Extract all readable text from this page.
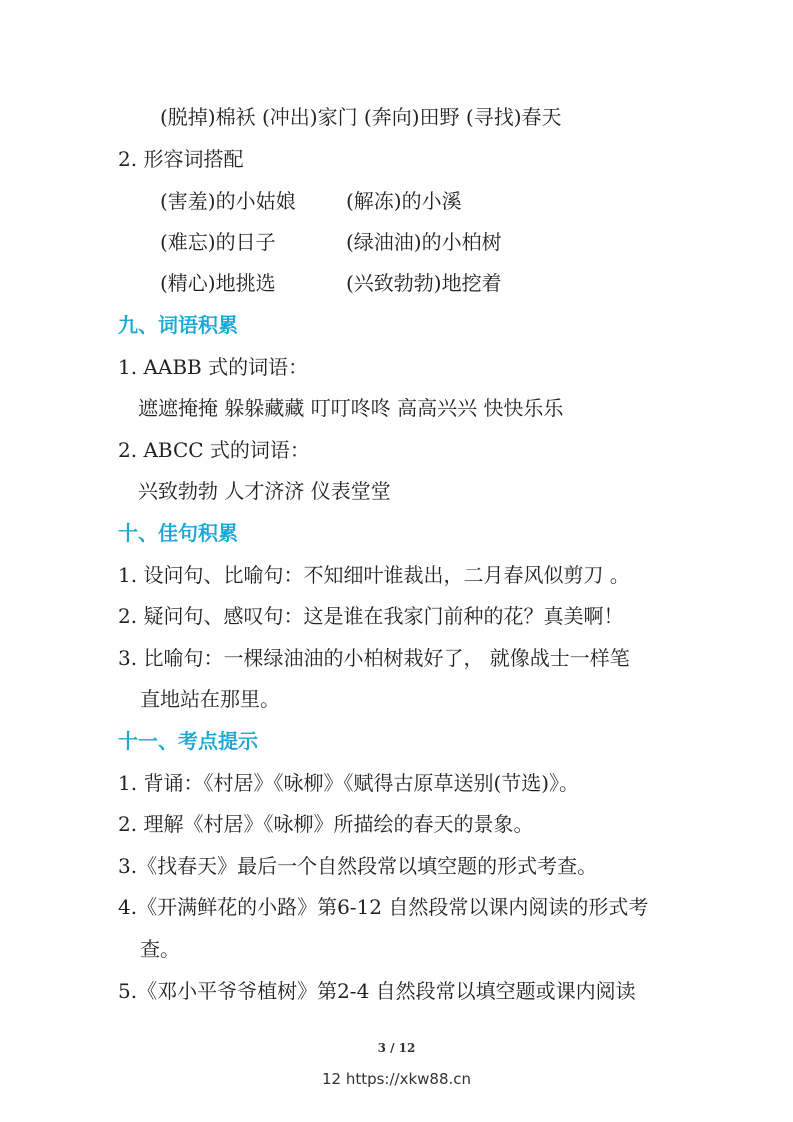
(脱掉)棉袄 (冲出)家门 (奔向)田野 (寻找)春天
2. 形容词搭配
(害羞)的小姑娘	(解冻)的小溪
(难忘)的日子	(绿油油)的小柏树
(精心)地挑选	(兴致勃勃)地挖着
九、词语积累
1. AABB 式的词语：
遮遮掩掩 躲躲藏藏 叮叮咚咚 高高兴兴 快快乐乐
2. ABCC 式的词语：
兴致勃勃 人才济济 仪表堂堂
十、佳句积累
1. 设问句、比喻句：不知细叶谁裁出，二月春风似剪刀 。
2. 疑问句、感叹句：这是谁在我家门前种的花？真美啊！
3. 比喻句：一棵绿油油的小柏树栽好了， 就像战士一样笔
直地站在那里。
十一、考点提示
1. 背诵：《村居》《咏柳》《赋得古原草送别(节选)》。
2. 理解《村居》《咏柳》所描绘的春天的景象。
3.《找春天》最后一个自然段常以填空题的形式考查。
4.《开满鲜花的小路》第6-12 自然段常以课内阅读的形式考
查。
5.《邓小平爷爷植树》第2-4 自然段常以填空题或课内阅读
3 / 12
12 https://xkw88.cn
